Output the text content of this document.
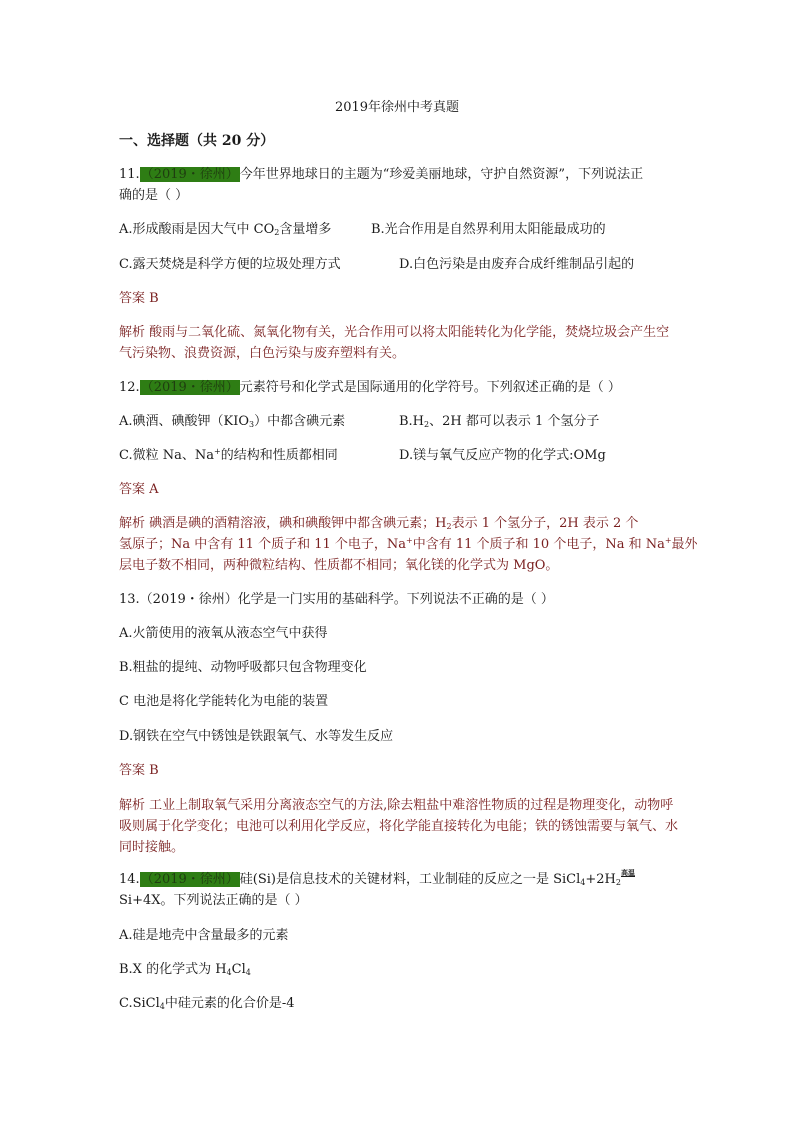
2019年徐州中考真题
一、选择题（共 20 分）
11.（2019・徐州）今年世界地球日的主题为“珍爱美丽地球，守护自然资源”，下列说法正
确的是（ ）
A.形成酸雨是因大气中 $CO_2$含量增多	B.光合作用是自然界利用太阳能最成功的
C.露天焚烧是科学方便的垃圾处理方式	D.白色污染是由废弃合成纤维制品引起的
答案 B
解析 酸雨与二氧化硫、氮氧化物有关，光合作用可以将太阳能转化为化学能，焚烧垃圾会产生空气污染物、浪费资源，白色污染与废弃塑料有关。
12.（2019・徐州）元素符号和化学式是国际通用的化学符号。下列叙述正确的是（ ）
A.碘酒、碘酸钾$(KIO_3)$中都含碘元素	$B.H_2$、2H 都可以表示 1 个氢分子
C.微粒 Na、Na+的结构和性质都相同	D.镁与氧气反应产物的化学式:OMg
答案 A
解析 碘酒是碘的酒精溶液，碘和碘酸钾中都含碘元素；$H_2$表示 1 个氢分子，2H 表示 2 个
氢原子；Na 中含有 11 个质子和 11 个电子，Na+中含有 11 个质子和 10 个电子，Na 和 Na+最外
层电子数不相同，两种微粒结构、性质都不相同；氧化镁的化学式为 MgO。
13.（2019・徐州）化学是一门实用的基础科学。下列说法不正确的是（ ）
A.火箭使用的液氧从液态空气中获得
B.粗盐的提纯、动物呼吸都只包含物理变化
C 电池是将化学能转化为电能的装置
D.钢铁在空气中锈蚀是铁跟氧气、水等发生反应
答案 B
解析 工业上制取氧气采用分离液态空气的方法,除去粗盐中难溶性物质的过程是物理变化，动物呼吸则属于化学变化；电池可以利用化学反应，将化学能直接转化为电能；铁的锈蚀需要与氧气、水同时接触。
14.（2019・徐州）硅(Si)是信息技术的关键材料，工业制硅的反应之一是 $SiCl_4+2H_2$
高温

Si+4X。下列说法正确的是（ ）
A.硅是地壳中含量最多的元素
B.X 的化学式为 $H_4Cl_4$
C.SiCl$_4$中硅元素的化合价是-4
